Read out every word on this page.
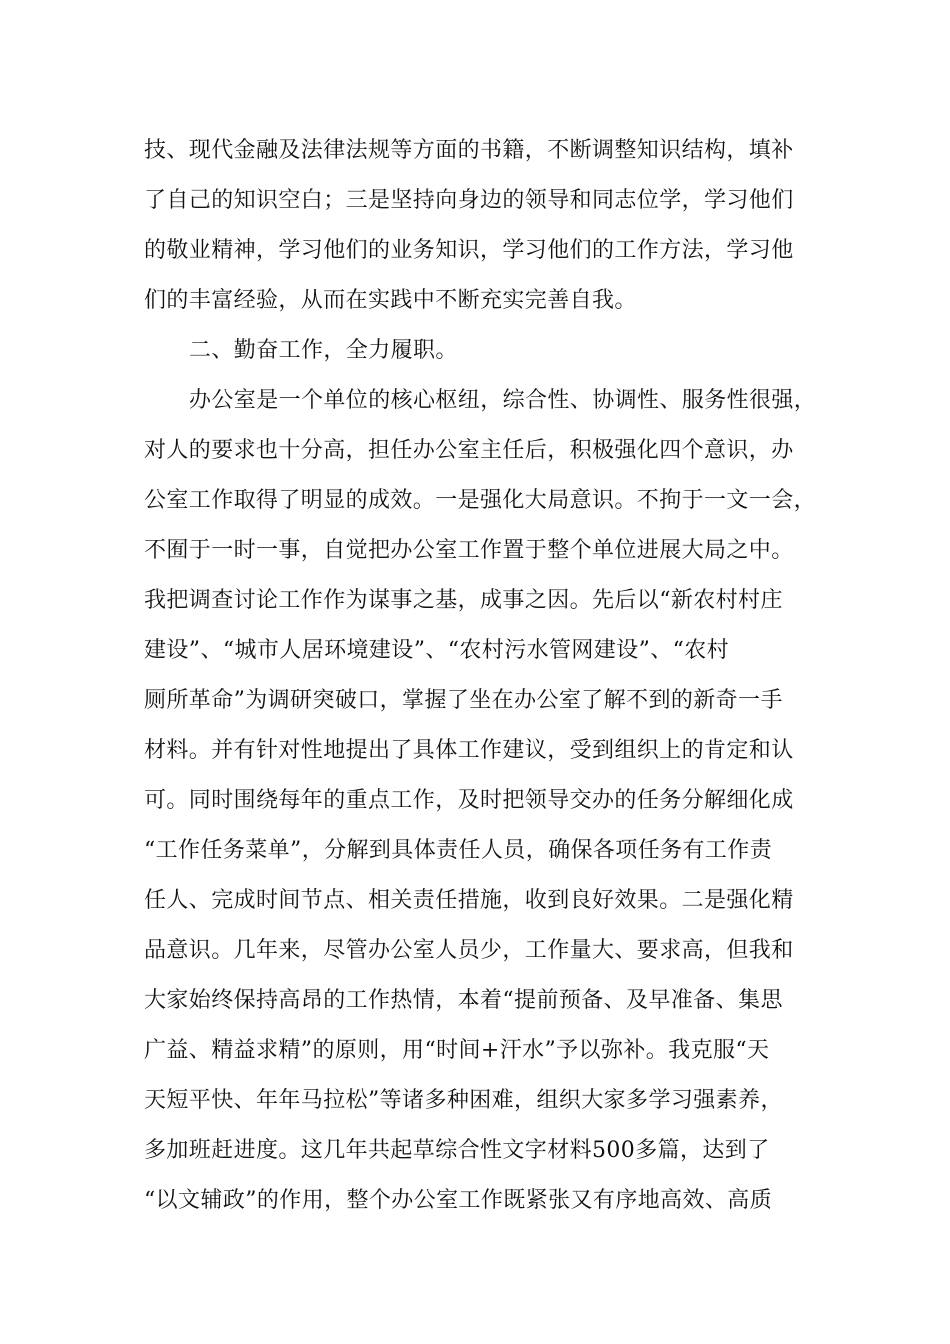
技、现代金融及法律法规等方面的书籍，不断调整知识结构，填补
了自己的知识空白；三是坚持向身边的领导和同志位学，学习他们
的敬业精神，学习他们的业务知识，学习他们的工作方法，学习他
们的丰富经验，从而在实践中不断充实完善自我。
二、勤奋工作，全力履职。
办公室是一个单位的核心枢纽，综合性、协调性、服务性很强，
对人的要求也十分高，担任办公室主任后，积极强化四个意识，办
公室工作取得了明显的成效。一是强化大局意识。不拘于一文一会，
不囿于一时一事，自觉把办公室工作置于整个单位进展大局之中。
我把调查讨论工作作为谋事之基，成事之因。先后以“新农村村庄
建设”、“城市人居环境建设”、“农村污水管网建设”、“农村
厕所革命”为调研突破口，掌握了坐在办公室了解不到的新奇一手
材料。并有针对性地提出了具体工作建议，受到组织上的肯定和认
可。同时围绕每年的重点工作，及时把领导交办的任务分解细化成
“工作任务菜单”，分解到具体责任人员，确保各项任务有工作责
任人、完成时间节点、相关责任措施，收到良好效果。二是强化精
品意识。几年来，尽管办公室人员少，工作量大、要求高，但我和
大家始终保持高昂的工作热情，本着“提前预备、及早准备、集思
广益、精益求精”的原则，用“时间+汗水”予以弥补。我克服“天
天短平快、年年马拉松”等诸多种困难，组织大家多学习强素养，
多加班赶进度。这几年共起草综合性文字材料500多篇，达到了
“以文辅政”的作用，整个办公室工作既紧张又有序地高效、高质
